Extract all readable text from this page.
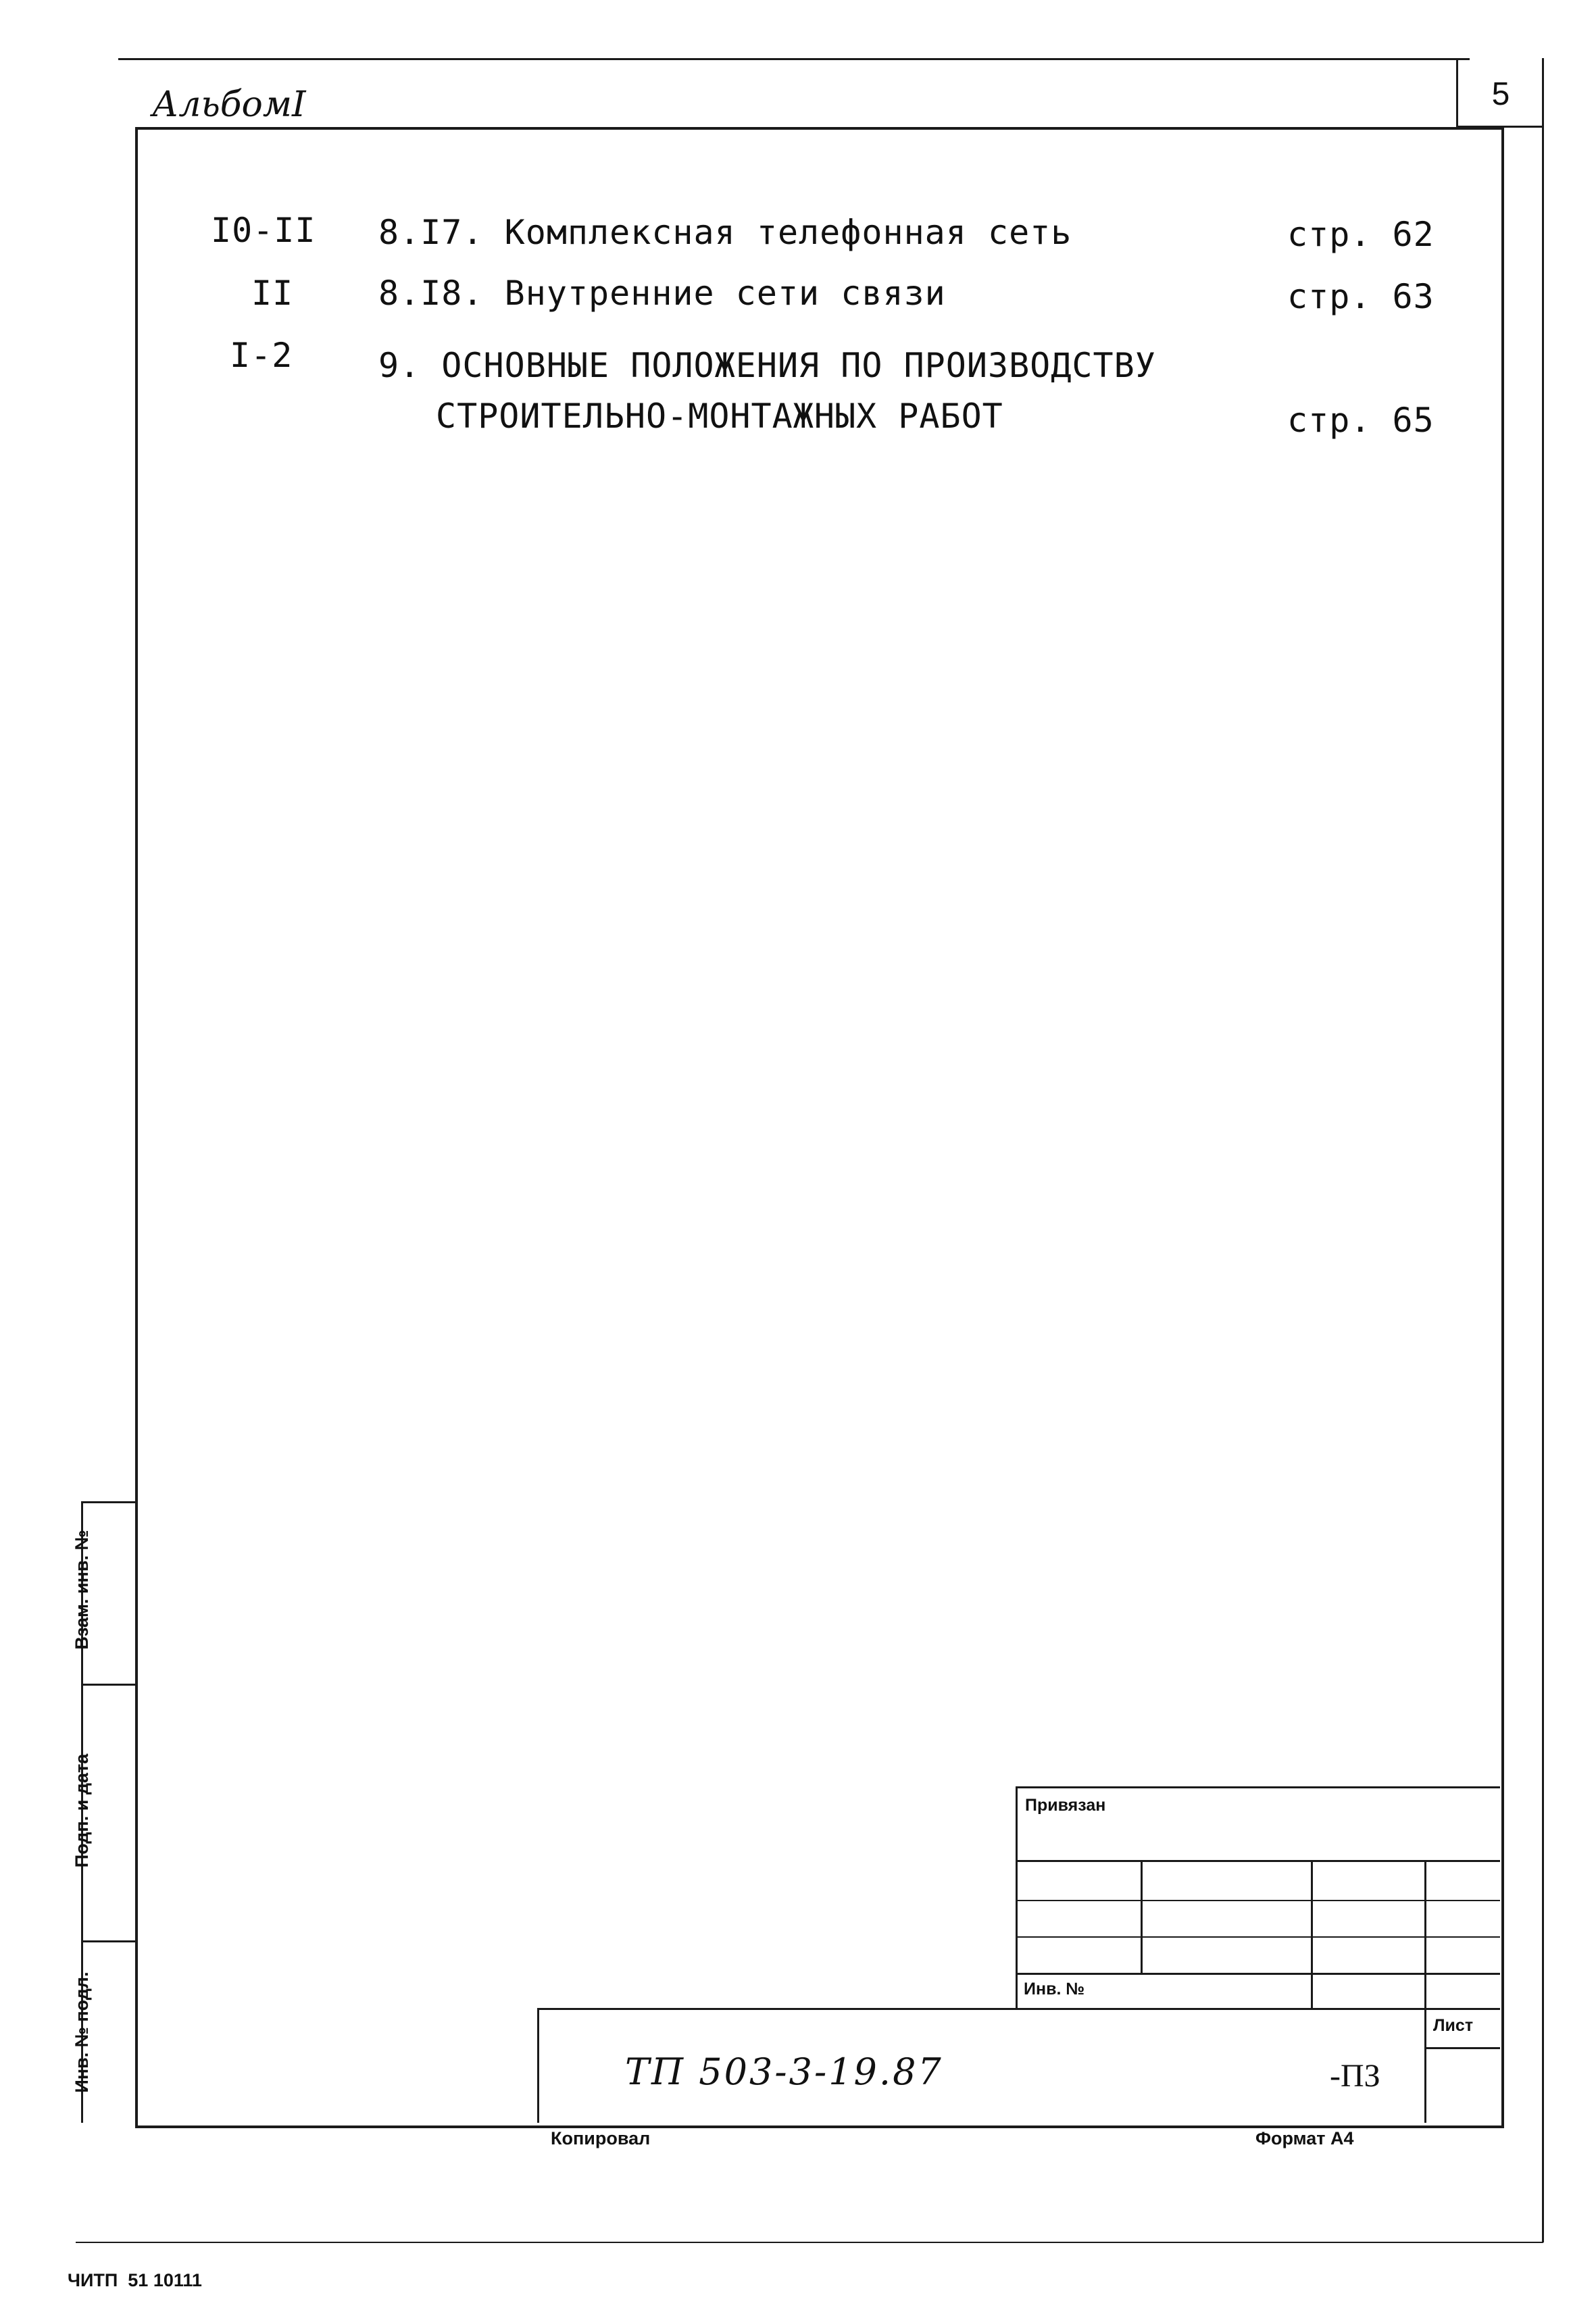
АльбомI	5
I0-II 8.I7. Комплексная телефонная сеть	стр. 62
II	8.I8. Внутренние сети связи	стр. 63
I-2	9. ОСНОВНЫЕ ПОЛОЖЕНИЯ ПО ПРОИЗВОДСТВУ
СТРОИТЕЛЬНО-МОНТАЖНЫХ РАБОТ	стр. 65
Взам. инв. №
Подп. и дата
Инв. № подл.
Привязан
Инв. №
Лист
ТП 503-3-19.87	-ПЗ
Копировал	Формат А4
ЧИТП  51 10111
